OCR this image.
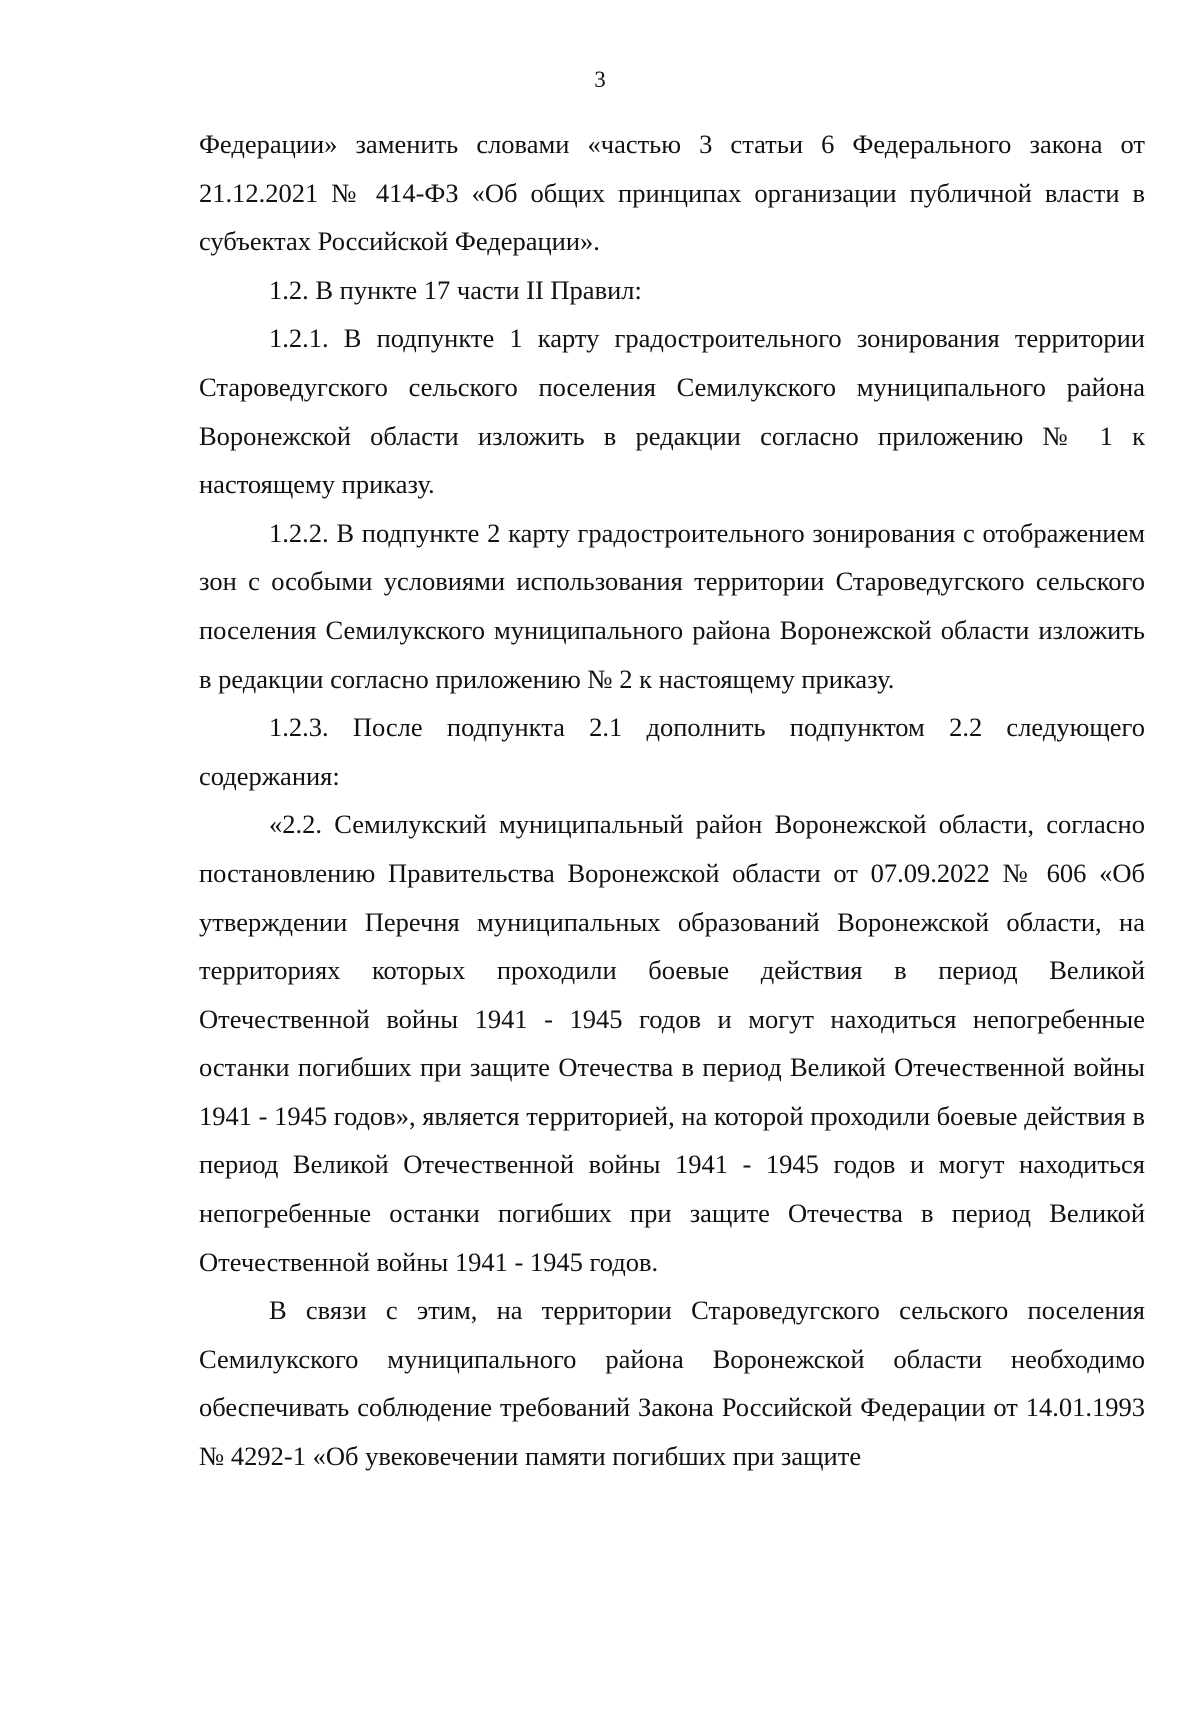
3

Федерации» заменить словами «частью 3 статьи 6 Федерального закона от 21.12.2021 № 414-ФЗ «Об общих принципах организации публичной власти в субъектах Российской Федерации».

1.2. В пункте 17 части II Правил:

1.2.1. В подпункте 1 карту градостроительного зонирования территории Староведугского сельского поселения Семилукского муниципального района Воронежской области изложить в редакции согласно приложению № 1 к настоящему приказу.

1.2.2. В подпункте 2 карту градостроительного зонирования с отображением зон с особыми условиями использования территории Староведугского сельского поселения Семилукского муниципального района Воронежской области изложить в редакции согласно приложению № 2 к настоящему приказу.

1.2.3. После подпункта 2.1 дополнить подпунктом 2.2 следующего содержания:

«2.2. Семилукский муниципальный район Воронежской области, согласно постановлению Правительства Воронежской области от 07.09.2022 № 606 «Об утверждении Перечня муниципальных образований Воронежской области, на территориях которых проходили боевые действия в период Великой Отечественной войны 1941 - 1945 годов и могут находиться непогребенные останки погибших при защите Отечества в период Великой Отечественной войны 1941 - 1945 годов», является территорией, на которой проходили боевые действия в период Великой Отечественной войны 1941 - 1945 годов и могут находиться непогребенные останки погибших при защите Отечества в период Великой Отечественной войны 1941 - 1945 годов.

В связи с этим, на территории Староведугского сельского поселения Семилукского муниципального района Воронежской области необходимо обеспечивать соблюдение требований Закона Российской Федерации от 14.01.1993 № 4292-1 «Об увековечении памяти погибших при защите
